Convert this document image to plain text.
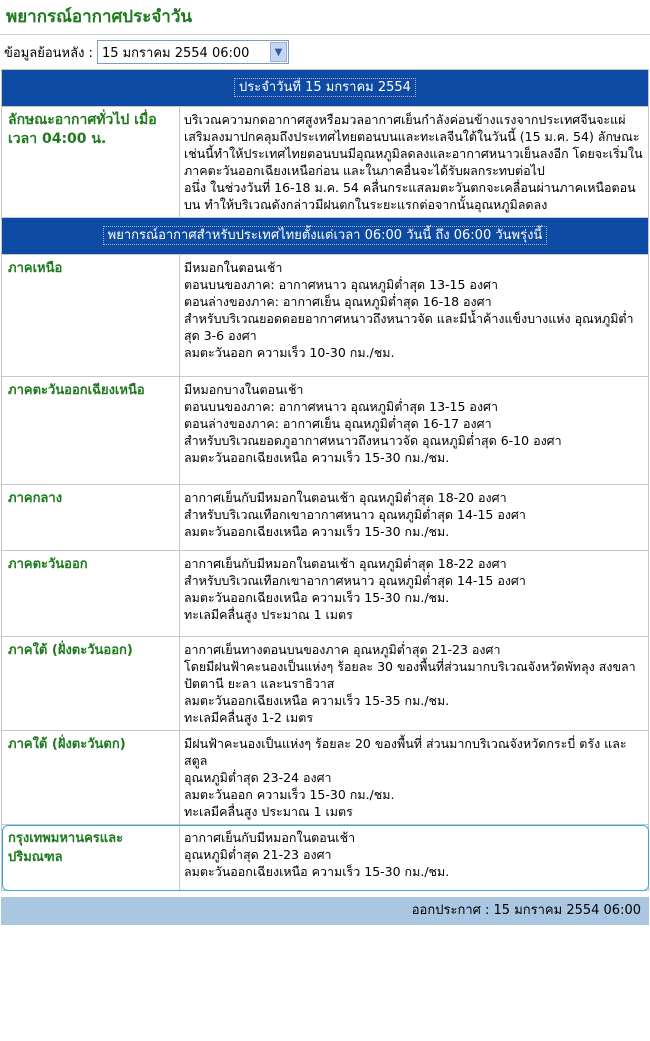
พยากรณ์อากาศประจำวัน
ข้อมูลย้อนหลัง : 15 มกราคม 2554 06:00	▼
ประจำวันที่ 15 มกราคม 2554	
ลักษณะอากาศทั่วไป เมื่อเวลา 04:00 น.	บริเวณความกดอากาศสูงหรือมวลอากาศเย็นกำลังค่อนข้างแรงจากประเทศจีนจะแผ่เสริมลงมาปกคลุมถึงประเทศไทยตอนบนและทะเลจีนใต้ในวันนี้ (15 ม.ค. 54) ลักษณะเช่นนี้ทำให้ประเทศไทยตอนบนมีอุณหภูมิลดลงและอากาศหนาวเย็นลงอีก โดยจะเริ่มในภาคตะวันออกเฉียงเหนือก่อน และในภาคอื่นจะได้รับผลกระทบต่อไป
อนึ่ง ในช่วงวันที่ 16-18 ม.ค. 54 คลื่นกระแสลมตะวันตกจะเคลื่อนผ่านภาคเหนือตอนบน ทำให้บริเวณดังกล่าวมีฝนตกในระยะแรกต่อจากนั้นอุณหภูมิลดลง

พยากรณ์อากาศสำหรับประเทศไทยตั้งแต่เวลา 06:00 วันนี้ ถึง 06:00 วันพรุ่งนี้	
ภาคเหนือ	มีหมอกในตอนเช้า
ตอนบนของภาค: อากาศหนาว อุณหภูมิต่ำสุด 13-15 องศา
ตอนล่างของภาค: อากาศเย็น อุณหภูมิต่ำสุด 16-18 องศา
สำหรับบริเวณยอดดอยอากาศหนาวถึงหนาวจัด และมีน้ำค้างแข็งบางแห่ง อุณหภูมิต่ำสุด 3-6 องศา
ลมตะวันออก ความเร็ว 10-30 กม./ชม.

ภาคตะวันออกเฉียงเหนือ	มีหมอกบางในตอนเช้า
ตอนบนของภาค: อากาศหนาว อุณหภูมิต่ำสุด 13-15 องศา
ตอนล่างของภาค: อากาศเย็น อุณหภูมิต่ำสุด 16-17 องศา
สำหรับบริเวณยอดภูอากาศหนาวถึงหนาวจัด อุณหภูมิต่ำสุด 6-10 องศา
ลมตะวันออกเฉียงเหนือ ความเร็ว 15-30 กม./ชม.

ภาคกลาง	อากาศเย็นกับมีหมอกในตอนเช้า อุณหภูมิต่ำสุด 18-20 องศา
สำหรับบริเวณเทือกเขาอากาศหนาว อุณหภูมิต่ำสุด 14-15 องศา
ลมตะวันออกเฉียงเหนือ ความเร็ว 15-30 กม./ชม.

ภาคตะวันออก	อากาศเย็นกับมีหมอกในตอนเช้า อุณหภูมิต่ำสุด 18-22 องศา
สำหรับบริเวณเทือกเขาอากาศหนาว อุณหภูมิต่ำสุด 14-15 องศา
ลมตะวันออกเฉียงเหนือ ความเร็ว 15-30 กม./ชม.
ทะเลมีคลื่นสูง ประมาณ 1 เมตร

ภาคใต้ (ฝั่งตะวันออก)	อากาศเย็นทางตอนบนของภาค อุณหภูมิต่ำสุด 21-23 องศา
โดยมีฝนฟ้าคะนองเป็นแห่งๆ ร้อยละ 30 ของพื้นที่ส่วนมากบริเวณจังหวัดพัทลุง สงขลา ปัตตานี ยะลา และนราธิวาส
ลมตะวันออกเฉียงเหนือ ความเร็ว 15-35 กม./ชม.
ทะเลมีคลื่นสูง 1-2 เมตร

ภาคใต้ (ฝั่งตะวันตก)	มีฝนฟ้าคะนองเป็นแห่งๆ ร้อยละ 20 ของพื้นที่ ส่วนมากบริเวณจังหวัดกระบี่ ตรัง และสตูล
อุณหภูมิต่ำสุด 23-24 องศา
ลมตะวันออก ความเร็ว 15-30 กม./ชม.
ทะเลมีคลื่นสูง ประมาณ 1 เมตร

กรุงเทพมหานครและปริมณฑล	อากาศเย็นกับมีหมอกในตอนเช้า
อุณหภูมิต่ำสุด 21-23 องศา
ลมตะวันออกเฉียงเหนือ ความเร็ว 15-30 กม./ชม.
ออกประกาศ : 15 มกราคม 2554 06:00
